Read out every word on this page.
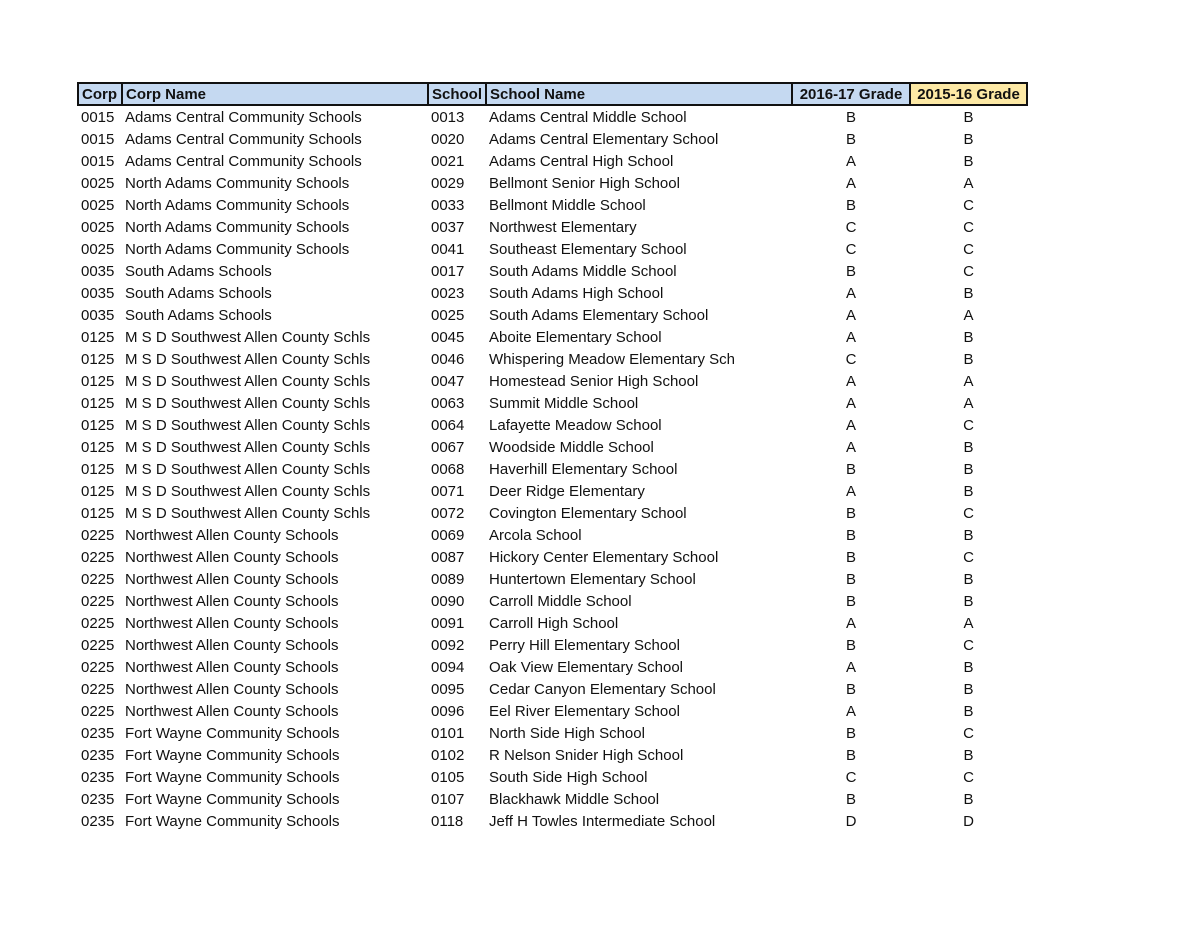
Corp	Corp Name	School	School Name	2016-17 Grade	2015-16 Grade
0015	Adams Central Community Schools	0013	Adams Central Middle School	B	B
0015	Adams Central Community Schools	0020	Adams Central Elementary School	B	B
0015	Adams Central Community Schools	0021	Adams Central High School	A	B
0025	North Adams Community Schools	0029	Bellmont Senior High School	A	A
0025	North Adams Community Schools	0033	Bellmont Middle School	B	C
0025	North Adams Community Schools	0037	Northwest Elementary	C	C
0025	North Adams Community Schools	0041	Southeast Elementary School	C	C
0035	South Adams Schools	0017	South Adams Middle School	B	C
0035	South Adams Schools	0023	South Adams High School	A	B
0035	South Adams Schools	0025	South Adams Elementary School	A	A
0125	M S D Southwest Allen County Schls	0045	Aboite Elementary School	A	B
0125	M S D Southwest Allen County Schls	0046	Whispering Meadow Elementary Sch	C	B
0125	M S D Southwest Allen County Schls	0047	Homestead Senior High School	A	A
0125	M S D Southwest Allen County Schls	0063	Summit Middle School	A	A
0125	M S D Southwest Allen County Schls	0064	Lafayette Meadow School	A	C
0125	M S D Southwest Allen County Schls	0067	Woodside Middle School	A	B
0125	M S D Southwest Allen County Schls	0068	Haverhill Elementary School	B	B
0125	M S D Southwest Allen County Schls	0071	Deer Ridge Elementary	A	B
0125	M S D Southwest Allen County Schls	0072	Covington Elementary School	B	C
0225	Northwest Allen County Schools	0069	Arcola School	B	B
0225	Northwest Allen County Schools	0087	Hickory Center Elementary School	B	C
0225	Northwest Allen County Schools	0089	Huntertown Elementary School	B	B
0225	Northwest Allen County Schools	0090	Carroll Middle School	B	B
0225	Northwest Allen County Schools	0091	Carroll High School	A	A
0225	Northwest Allen County Schools	0092	Perry Hill Elementary School	B	C
0225	Northwest Allen County Schools	0094	Oak View Elementary School	A	B
0225	Northwest Allen County Schools	0095	Cedar Canyon Elementary School	B	B
0225	Northwest Allen County Schools	0096	Eel River Elementary School	A	B
0235	Fort Wayne Community Schools	0101	North Side High School	B	C
0235	Fort Wayne Community Schools	0102	R Nelson Snider High School	B	B
0235	Fort Wayne Community Schools	0105	South Side High School	C	C
0235	Fort Wayne Community Schools	0107	Blackhawk Middle School	B	B
0235	Fort Wayne Community Schools	0118	Jeff H Towles Intermediate School	D	D
